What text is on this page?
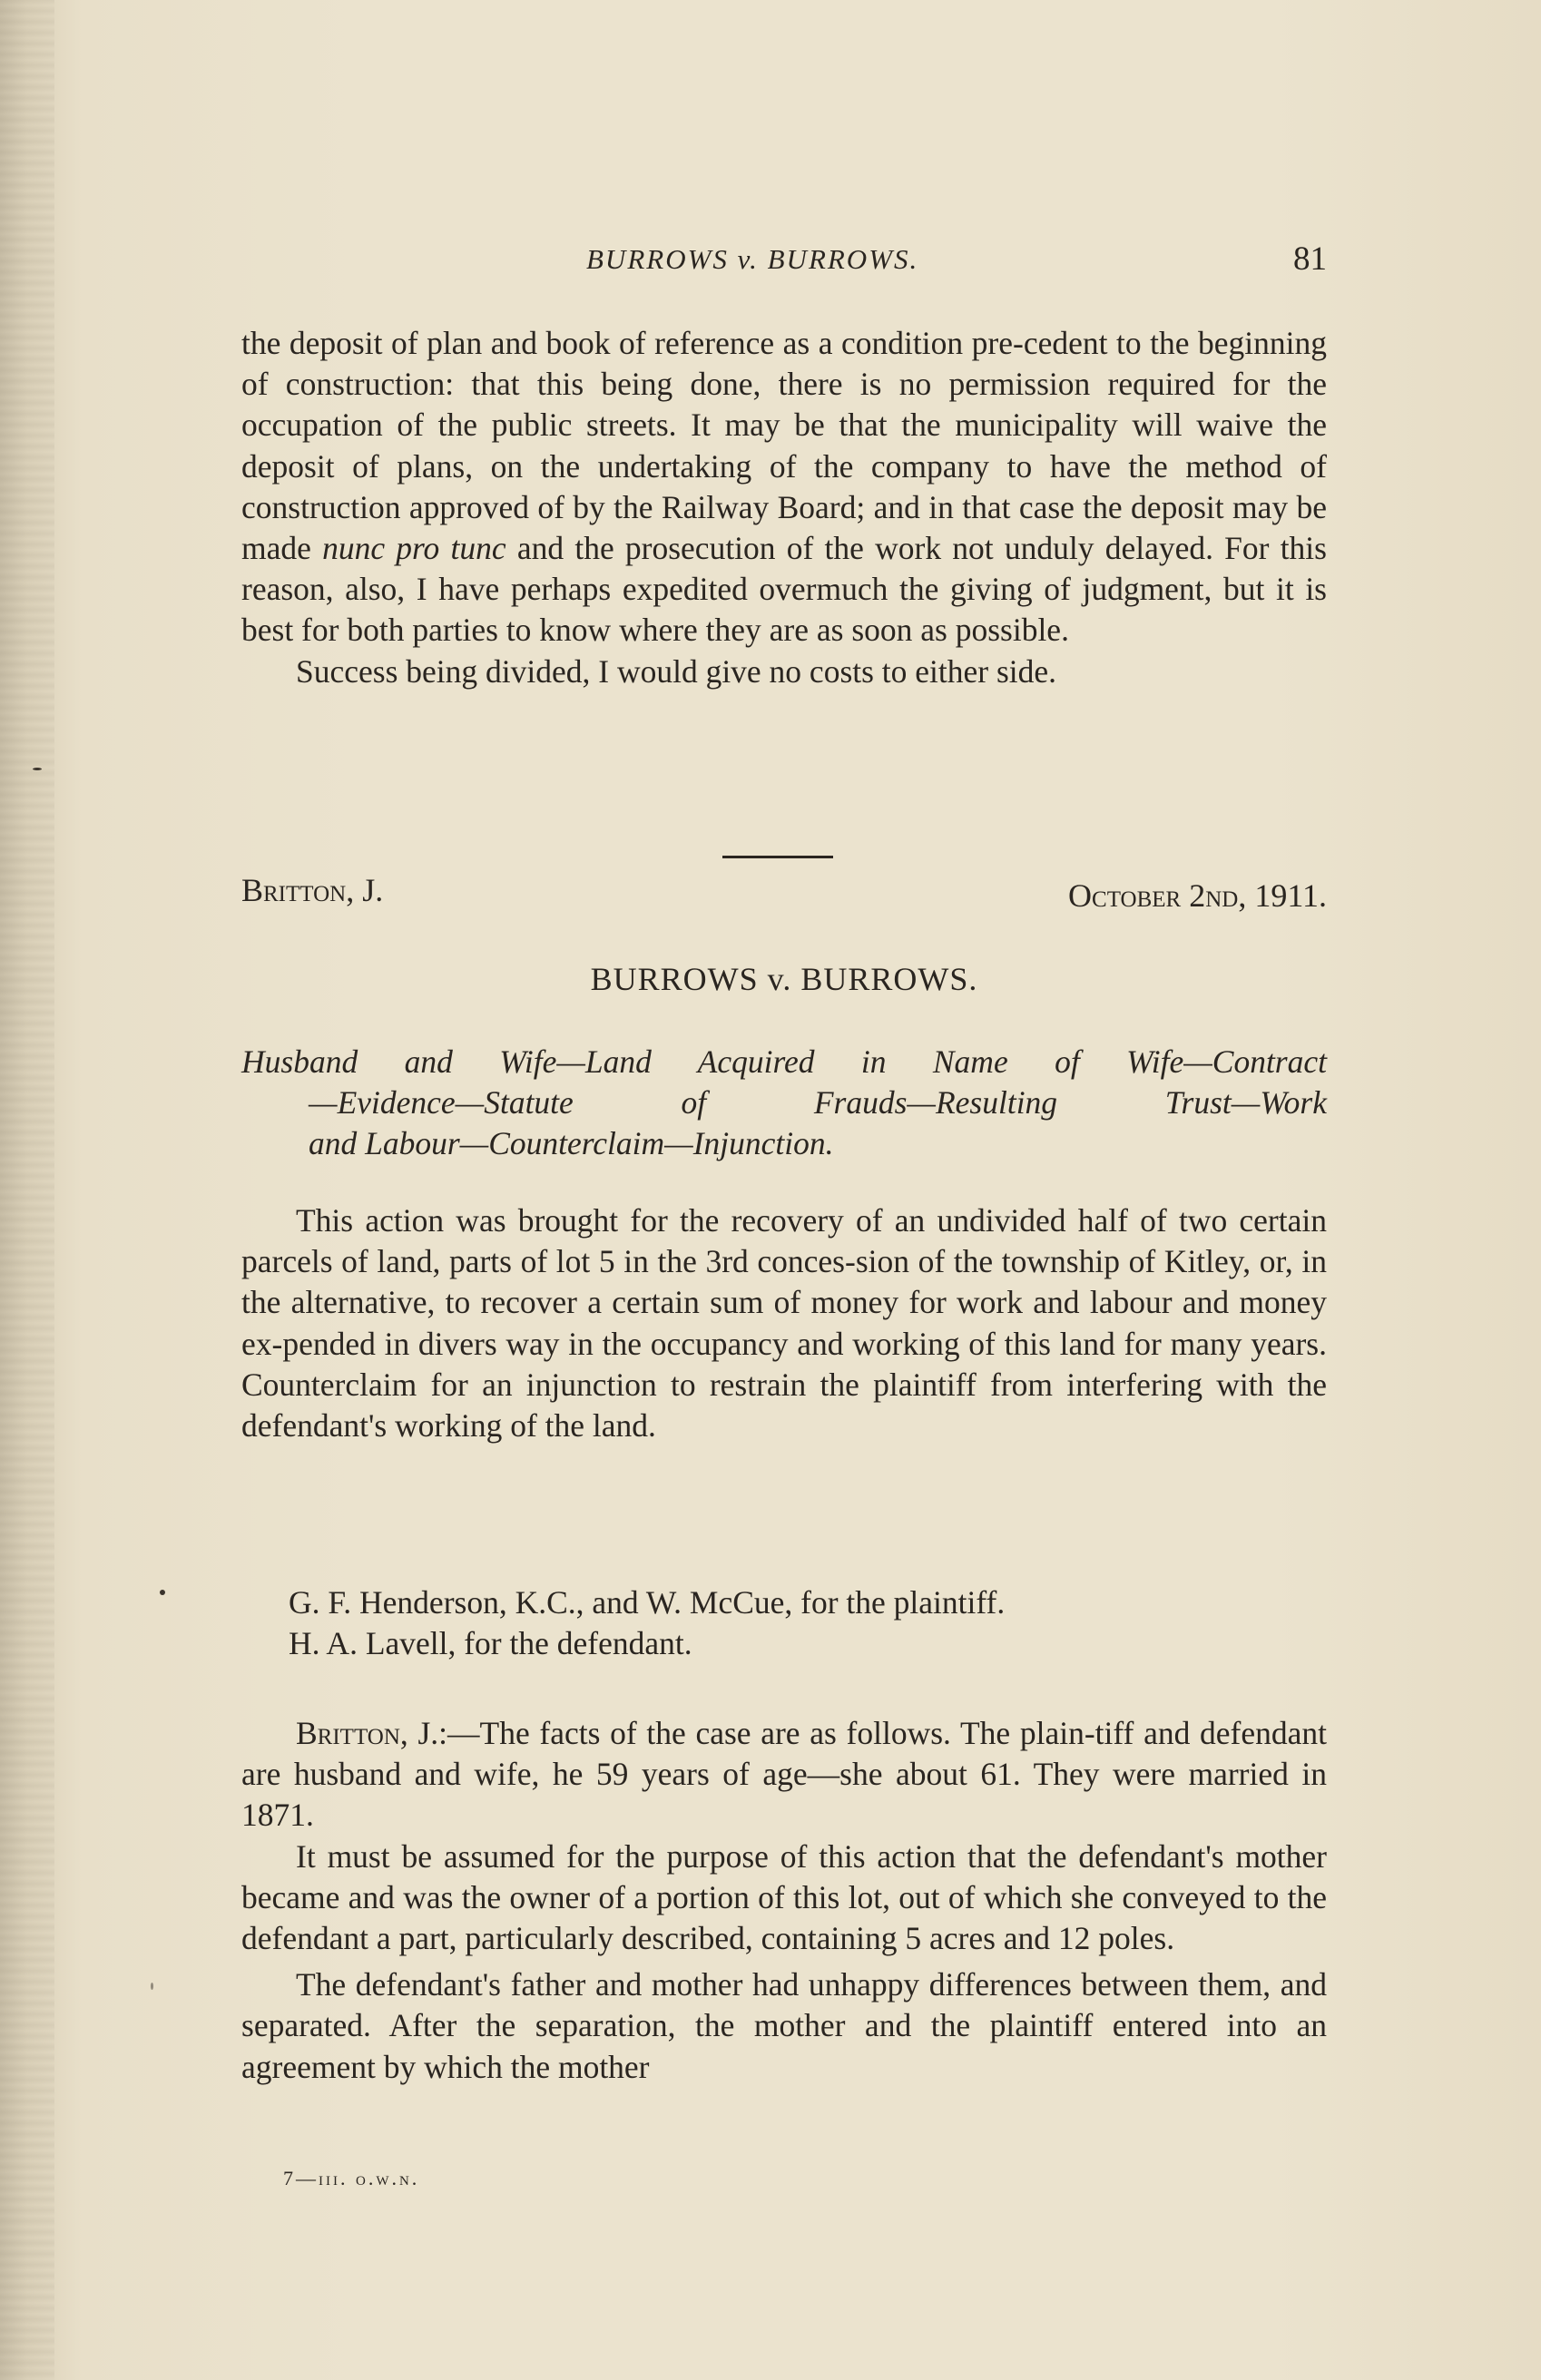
BURROWS v. BURROWS.	81

the deposit of plan and book of reference as a condition pre-cedent to the beginning of construction: that this being done, there is no permission required for the occupation of the public streets. It may be that the municipality will waive the deposit of plans, on the undertaking of the company to have the method of construction approved of by the Railway Board; and in that case the deposit may be made nunc pro tunc and the prosecution of the work not unduly delayed. For this reason, also, I have perhaps expedited overmuch the giving of judgment, but it is best for both parties to know where they are as soon as possible.

Success being divided, I would give no costs to either side.

Britton, J.	October 2nd, 1911.
BURROWS v. BURROWS.
Husband and Wife—Land Acquired in Name of Wife—Contract
—Evidence—Statute of Frauds—Resulting Trust—Work
and Labour—Counterclaim—Injunction.

This action was brought for the recovery of an undivided half of two certain parcels of land, parts of lot 5 in the 3rd conces-sion of the township of Kitley, or, in the alternative, to recover a certain sum of money for work and labour and money ex-pended in divers way in the occupancy and working of this land for many years. Counterclaim for an injunction to restrain the plaintiff from interfering with the defendant's working of the land.

G. F. Henderson, K.C., and W. McCue, for the plaintiff.

H. A. Lavell, for the defendant.

Britton, J.:—The facts of the case are as follows. The plain-tiff and defendant are husband and wife, he 59 years of age—she about 61. They were married in 1871.

It must be assumed for the purpose of this action that the defendant's mother became and was the owner of a portion of this lot, out of which she conveyed to the defendant a part, particularly described, containing 5 acres and 12 poles.

The defendant's father and mother had unhappy differences between them, and separated. After the separation, the mother and the plaintiff entered into an agreement by which the mother

7—iii. o.w.n.
